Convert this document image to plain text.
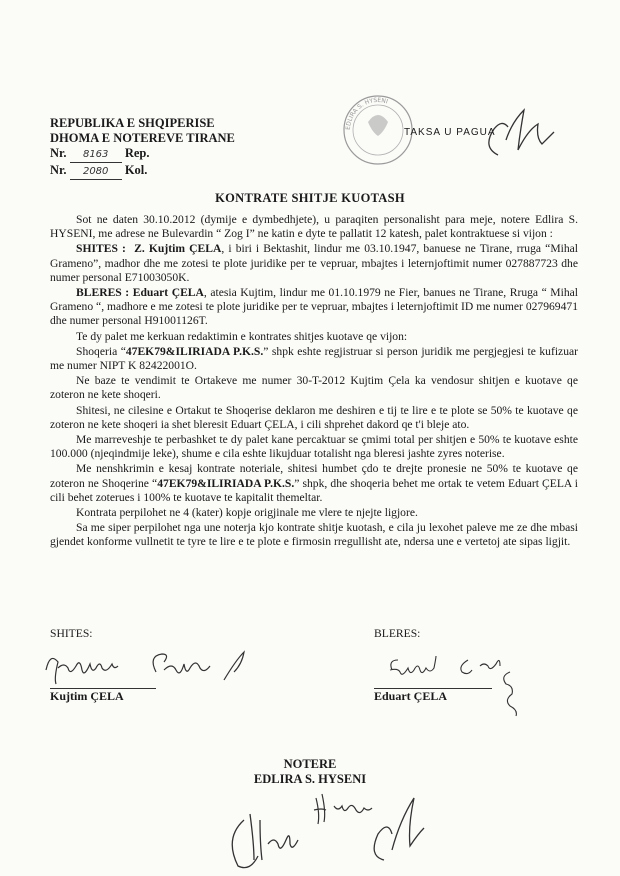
REPUBLIKA E SHQIPERISE
DHOMA E NOTEREVE TIRANE
Nr. 8163 Rep.
Nr. 2080 Kol.
EDLIRA S. HYSENI
TAKSA U PAGUA
KONTRATE SHITJE KUOTASH

Sot ne daten 30.10.2012 (dymije e dymbedhjete), u paraqiten personalisht para meje, notere Edlira S. HYSENI, me adrese ne Bulevardin “ Zog I” ne katin e dyte te pallatit 12 katesh, palet kontraktuese si vijon :

SHITES : Z. Kujtim ÇELA, i biri i Bektashit, lindur me 03.10.1947, banuese ne Tirane, rruga “Mihal Grameno”, madhor dhe me zotesi te plote juridike per te vepruar, mbajtes i leternjoftimit numer 027887723 dhe numer personal E71003050K.

BLERES : Eduart ÇELA, atesia Kujtim, lindur me 01.10.1979 ne Fier, banues ne Tirane, Rruga “ Mihal Grameno “, madhore e me zotesi te plote juridike per te vepruar, mbajtes i leternjoftimit ID me numer 027969471 dhe numer personal H91001126T.

Te dy palet me kerkuan redaktimin e kontrates shitjes kuotave qe vijon:

Shoqeria “47EK79&ILIRIADA P.K.S.” shpk eshte regjistruar si person juridik me pergjegjesi te kufizuar me numer NIPT K 82422001O.

Ne baze te vendimit te Ortakeve me numer 30-T-2012 Kujtim Çela ka vendosur shitjen e kuotave qe zoteron ne kete shoqeri.

Shitesi, ne cilesine e Ortakut te Shoqerise deklaron me deshiren e tij te lire e te plote se 50% te kuotave qe zoteron ne kete shoqeri ia shet bleresit Eduart ÇELA, i cili shprehet dakord qe t'i bleje ato.

Me marreveshje te perbashket te dy palet kane percaktuar se çmimi total per shitjen e 50% te kuotave eshte 100.000 (njeqindmije leke), shume e cila eshte likujduar totalisht nga bleresi jashte zyres noterise.

Me nenshkrimin e kesaj kontrate noteriale, shitesi humbet çdo te drejte pronesie ne 50% te kuotave qe zoteron ne Shoqerine “47EK79&ILIRIADA P.K.S.” shpk, dhe shoqeria behet me ortak te vetem Eduart ÇELA i cili behet zoterues i 100% te kuotave te kapitalit themeltar.

Kontrata perpilohet ne 4 (kater) kopje origjinale me vlere te njejte ligjore.

Sa me siper perpilohet nga une noterja kjo kontrate shitje kuotash, e cila ju lexohet paleve me ze dhe mbasi gjendet konforme vullnetit te tyre te lire e te plote e firmosin rregullisht ate, ndersa une e vertetoj ate sipas ligjit.

SHITES:	BLERES:
Kujtim ÇELA	Eduart ÇELA
NOTERE
EDLIRA S. HYSENI
